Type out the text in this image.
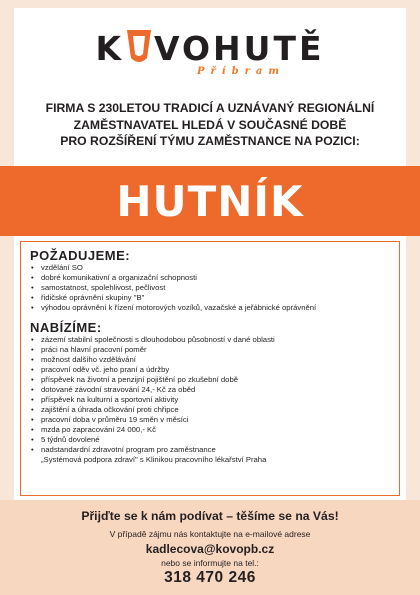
K VOHUTĚ
Příbram
FIRMA S 230LETOU TRADICÍ A UZNÁVANÝ REGIONÁLNÍ
ZAMĚSTNAVATEL HLEDÁ V SOUČASNÉ DOBĚ
PRO ROZŠÍŘENÍ TÝMU ZAMĚSTNANCE NA POZICI:
HUTNÍK
POŽADUJEME:
• vzdělání SO
• dobré komunikativní a organizační schopnosti
• samostatnost, spolehlivost, pečlivost
• řidičské oprávnění skupiny "B"
• výhodou oprávnění k řízení motorových vozíků, vazačské a jeřábnické oprávnění
NABÍZÍME:
• zázemí stabilní společnosti s dlouhodobou působností v dané oblasti
• práci na hlavní pracovní poměr
• možnost dalšího vzdělávání
• pracovní oděv vč. jeho praní a údržby
• příspěvek na životní a penzijní pojištění po zkušební době
• dotované závodní stravování 24,- Kč za oběd
• příspěvek na kulturní a sportovní aktivity
• zajištění a úhrada očkování proti chřipce
• pracovní doba v průměru 19 směn v měsíci
• mzda po zapracování 24 000,- Kč
• 5 týdnů dovolené
• nadstandardní zdravotní program pro zaměstnance
„Systémová podpora zdraví" s Klinikou pracovního lékařství Praha
Přijďte se k nám podívat – těšíme se na Vás!
V případě zájmu nás kontaktujte na e-mailové adrese
kadlecova@kovopb.cz
nebo se informujte na tel.:
318 470 246
